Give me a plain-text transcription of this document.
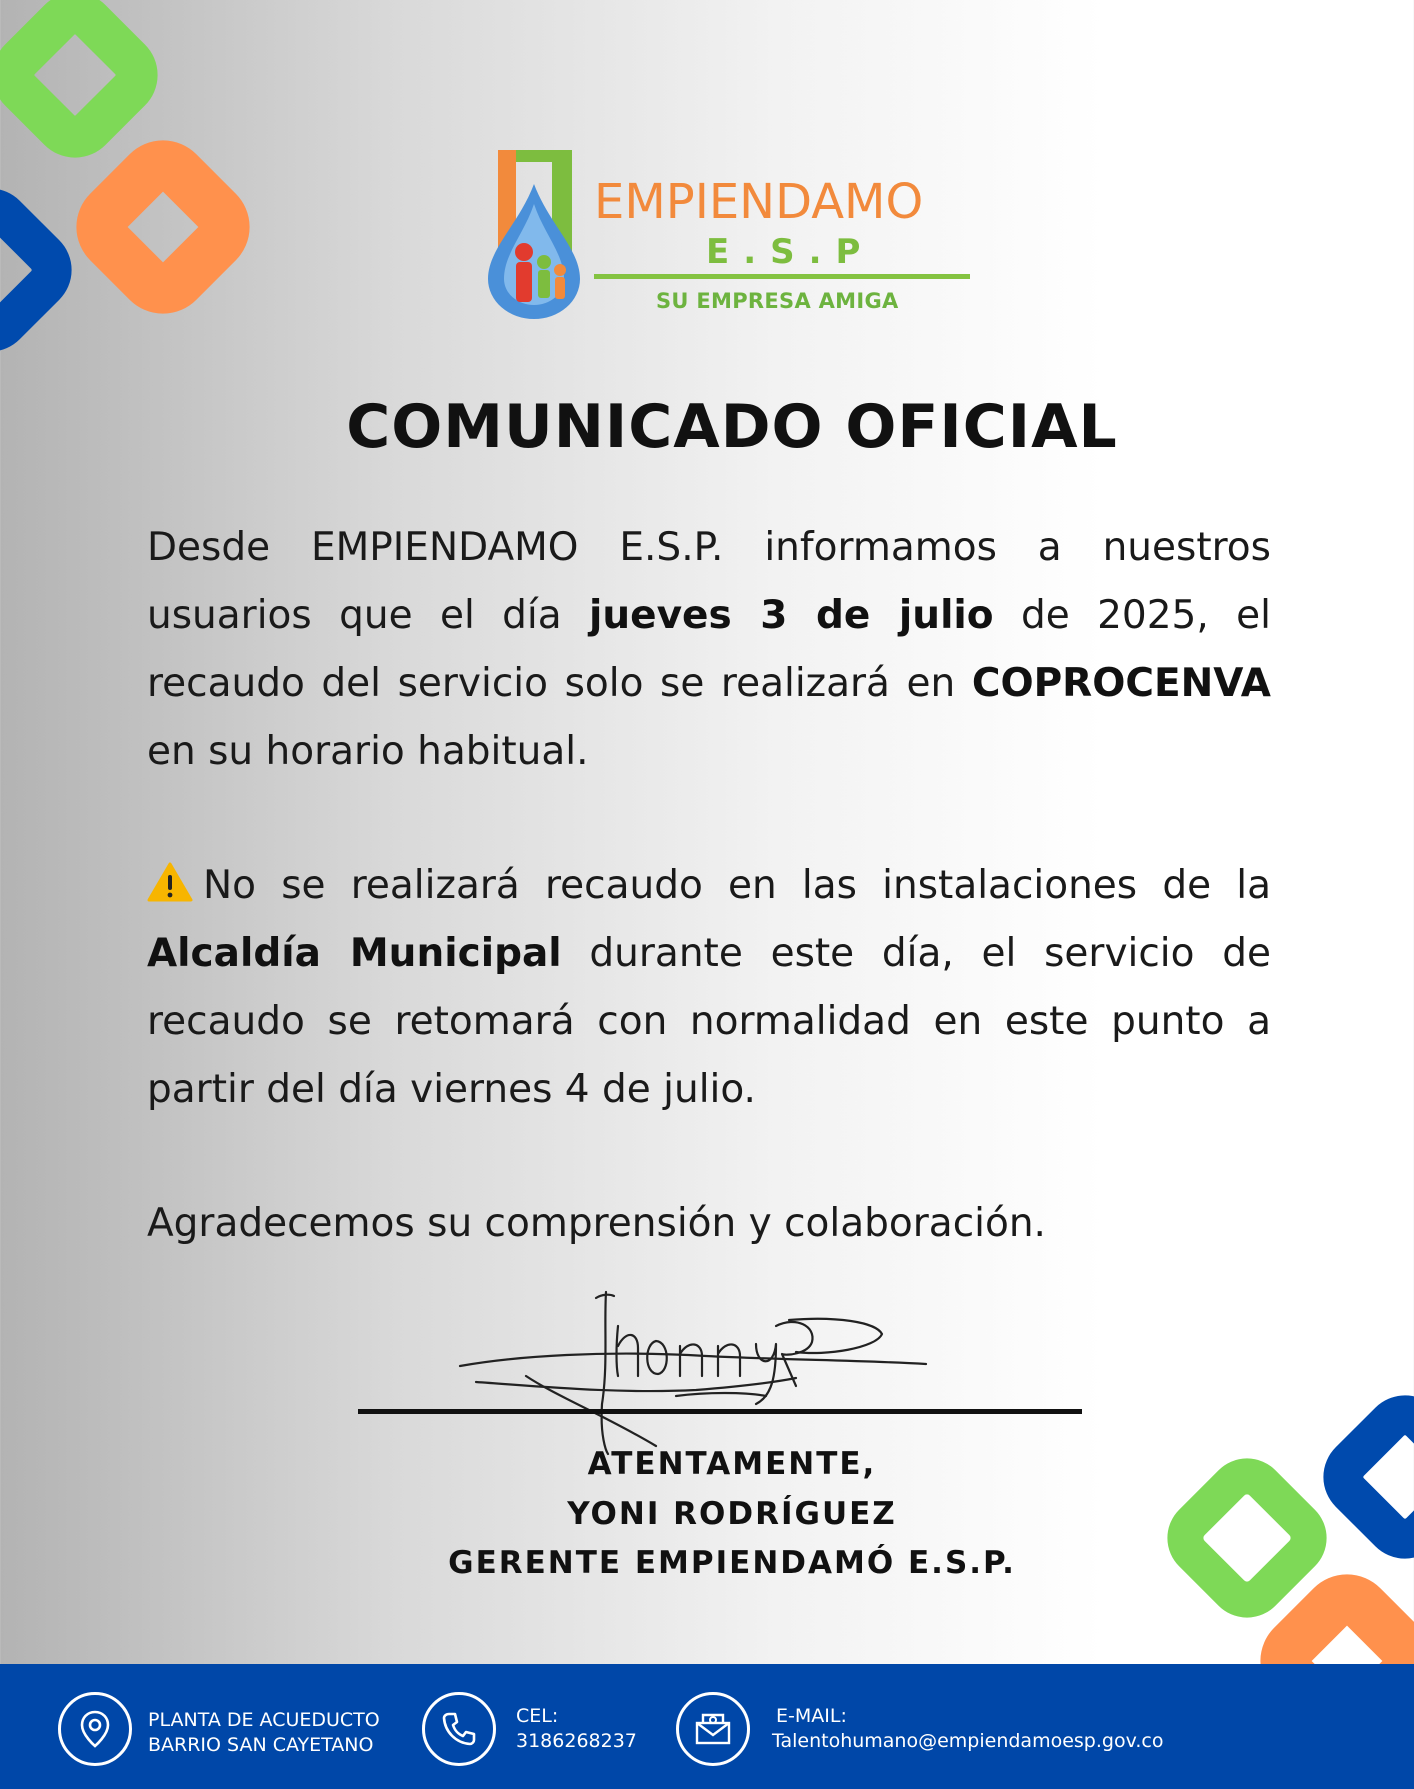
EMPIENDAMO
E.S.P
SU EMPRESA AMIGA
COMUNICADO OFICIAL
Desde EMPIENDAMO E.S.P. informamos a nuestros usuarios que el día jueves 3 de julio de 2025, el recaudo del servicio solo se realizará en COPROCENVA en su horario habitual.
No se realizará recaudo en las instalaciones de la Alcaldía Municipal durante este día, el servicio de recaudo se retomará con normalidad en este punto a partir del día viernes 4 de julio.
Agradecemos su comprensión y colaboración.
ATENTAMENTE,
YONI RODRÍGUEZ
GERENTE EMPIENDAMÓ E.S.P.
PLANTA DE ACUEDUCTO
BARRIO SAN CAYETANO
CEL:
3186268237
E-MAIL:
Talentohumano@empiendamoesp.gov.co
